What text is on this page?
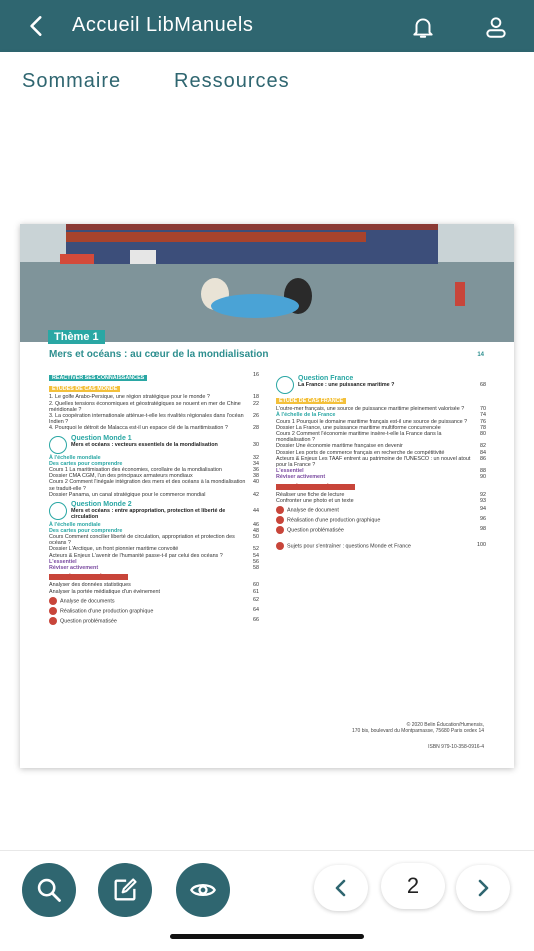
Accueil LibManuels
Sommaire	Ressources
Thème 1
Mers et océans : au cœur de la mondialisation	14
RÉACTIVER SES CONNAISSANCES	16
ÉTUDES DE CAS MONDE
1. Le golfe Arabo-Persique, une région stratégique pour le monde ?	18
2. Quelles tensions économiques et géostratégiques se nouent en mer de Chine méridionale ?
22
3. La coopération internationale atténue-t-elle les rivalités régionales dans l'océan Indien ?
26
4. Pourquoi le détroit de Malacca est-il un espace clé de la maritimisation ?	28
Question Monde 1
Mers et océans : vecteurs essentiels de la mondialisation	30
À l'échelle mondiale	32
Des cartes pour comprendre	34
Cours 1 La maritimisation des économies, corollaire de la mondialisation	36
Dossier CMA CGM, l'un des principaux armateurs mondiaux	38
Cours 2 Comment l'inégale intégration des mers et des océans à la mondialisation se traduit-elle ?
40
Dossier Panama, un canal stratégique pour le commerce mondial	42
Question Monde 2
Mers et océans : entre appropriation, protection et liberté de circulation
44
À l'échelle mondiale	46
Des cartes pour comprendre	48
Cours Comment concilier liberté de circulation, appropriation et protection des océans ?
50
Dossier L'Arctique, un front pionnier maritime convoité	52
Acteurs & Enjeux L'avenir de l'humanité passe-t-il par celui des océans ?	54
L'essentiel	56
Réviser activement	58
ACQUÉRIR LES MÉTHODES
Analyser des données statistiques	60
Analyser la portée médiatique d'un événement	61
Analyse de documents	62
Réalisation d'une production graphique	64
Question problématisée	66
Question France
La France : une puissance maritime ?	68
ÉTUDE DE CAS FRANCE
L'outre-mer français, une source de puissance maritime pleinement valorisée ?	70
À l'échelle de la France	74
Cours 1 Pourquoi le domaine maritime français est-il une source de puissance ?	76
Dossier La France, une puissance maritime multiforme concurrencée	78
Cours 2 Comment l'économie maritime insère-t-elle la France dans la mondialisation ?
80
Dossier Une économie maritime française en devenir	82
Dossier Les ports de commerce français en recherche de compétitivité	84
Acteurs & Enjeux Les TAAF entrent au patrimoine de l'UNESCO : un nouvel atout pour la France ?
86
L'essentiel	88
Réviser activement	90
ACQUÉRIR LES MÉTHODES
Réaliser une fiche de lecture	92
Confronter une photo et un texte	93
Analyse de document	94
Réalisation d'une production graphique	96
Question problématisée	98
Sujets pour s'entraîner : questions Monde et France	100
© 2020 Belin Éducation/Humensis,
170 bis, boulevard du Montparnasse, 75680 Paris cedex 14
ISBN 979-10-358-0916-4
2
